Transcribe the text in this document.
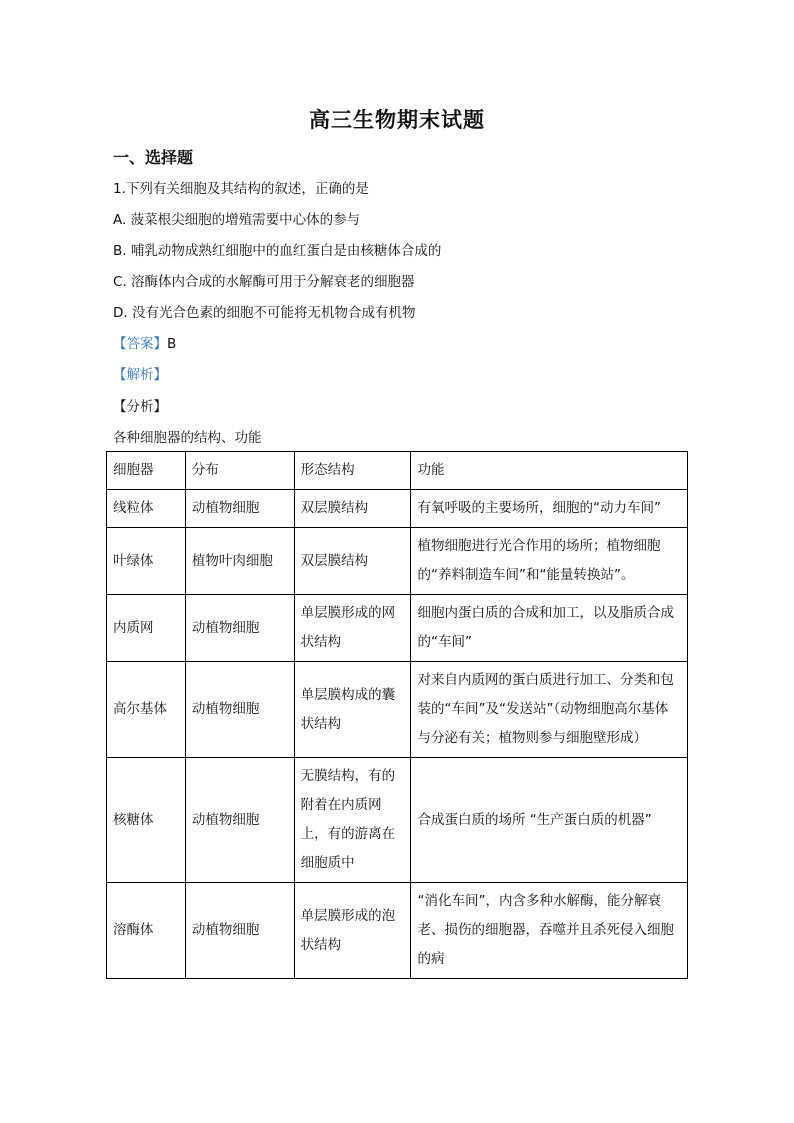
高三生物期末试题
一、选择题
1.下列有关细胞及其结构的叙述，正确的是
A. 菠菜根尖细胞的增殖需要中心体的参与
B. 哺乳动物成熟红细胞中的血红蛋白是由核糖体合成的
C. 溶酶体内合成的水解酶可用于分解衰老的细胞器
D. 没有光合色素的细胞不可能将无机物合成有机物
【答案】B
【解析】
【分析】
各种细胞器的结构、功能
细胞器	分布	形态结构	功能
线粒体	动植物细胞	双层膜结构	有氧呼吸的主要场所，细胞的“动力车间”
叶绿体	植物叶肉细胞	双层膜结构	植物细胞进行光合作用的场所；植物细胞的“养料制造车间”和“能量转换站”。
内质网	动植物细胞	单层膜形成的网状结构	细胞内蛋白质的合成和加工，以及脂质合成的“车间”
高尔基体	动植物细胞	单层膜构成的囊状结构	对来自内质网的蛋白质进行加工、分类和包装的“车间”及“发送站”（动物细胞高尔基体与分泌有关；植物则参与细胞壁形成）
核糖体	动植物细胞	无膜结构，有的附着在内质网上，有的游离在细胞质中	合成蛋白质的场所 “生产蛋白质的机器”
溶酶体	动植物细胞	单层膜形成的泡状结构	“消化车间”，内含多种水解酶，能分解衰老、损伤的细胞器，吞噬并且杀死侵入细胞的病
